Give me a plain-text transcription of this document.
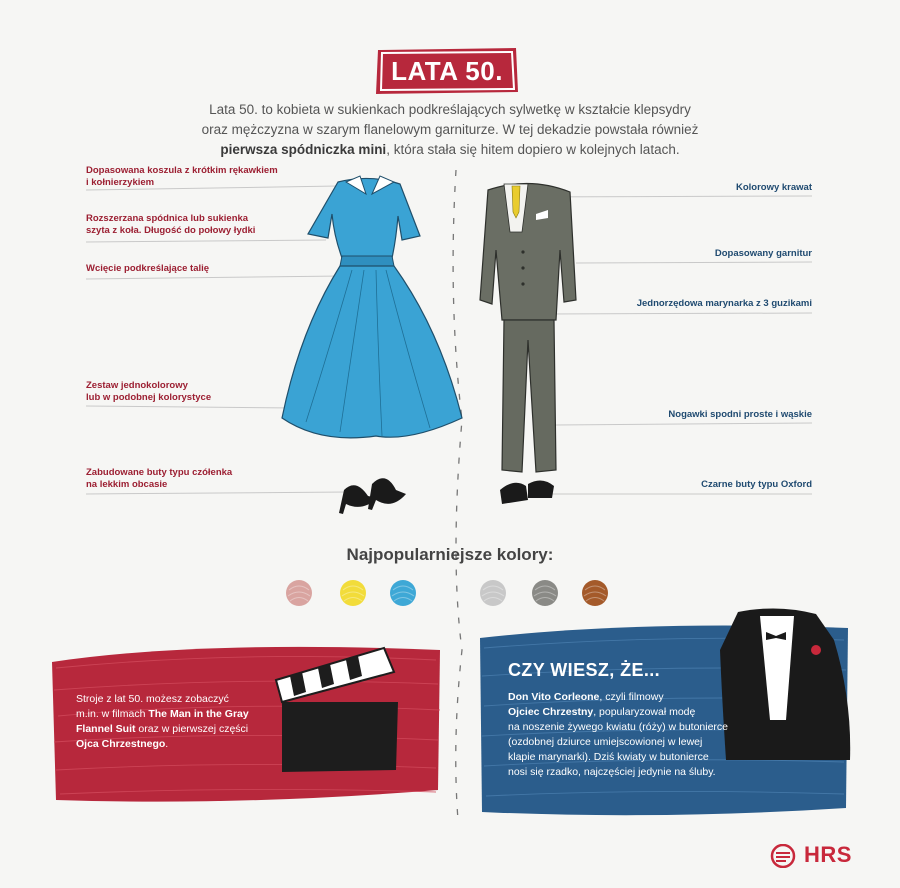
LATA 50.
Lata 50. to kobieta w sukienkach podkreślających sylwetkę w kształcie klepsydry
oraz mężczyzna w szarym flanelowym garniturze. W tej dekadzie powstała również
pierwsza spódniczka mini, która stała się hitem dopiero w kolejnych latach.
Dopasowana koszula z krótkim rękawkiem
i kołnierzykiem
Rozszerzana spódnica lub sukienka
szyta z koła. Długość do połowy łydki
Wcięcie podkreślające talię
Zestaw jednokolorowy
lub w podobnej kolorystyce
Zabudowane buty typu czółenka
na lekkim obcasie
Kolorowy krawat
Dopasowany garnitur
Jednorzędowa marynarka z 3 guzikami
Nogawki spodni proste i wąskie
Czarne buty typu Oxford
Najpopularniejsze kolory:
Stroje z lat 50. możesz zobaczyć
m.in. w filmach The Man in the Gray
Flannel Suit oraz w pierwszej części
Ojca Chrzestnego.
CZY WIESZ, ŻE...
Don Vito Corleone, czyli filmowy
Ojciec Chrzestny, popularyzował modę
na noszenie żywego kwiatu (róży) w butonierce
(ozdobnej dziurce umiejscowionej w lewej
klapie marynarki). Dziś kwiaty w butonierce
nosi się rzadko, najczęściej jedynie na śluby.
HRS
